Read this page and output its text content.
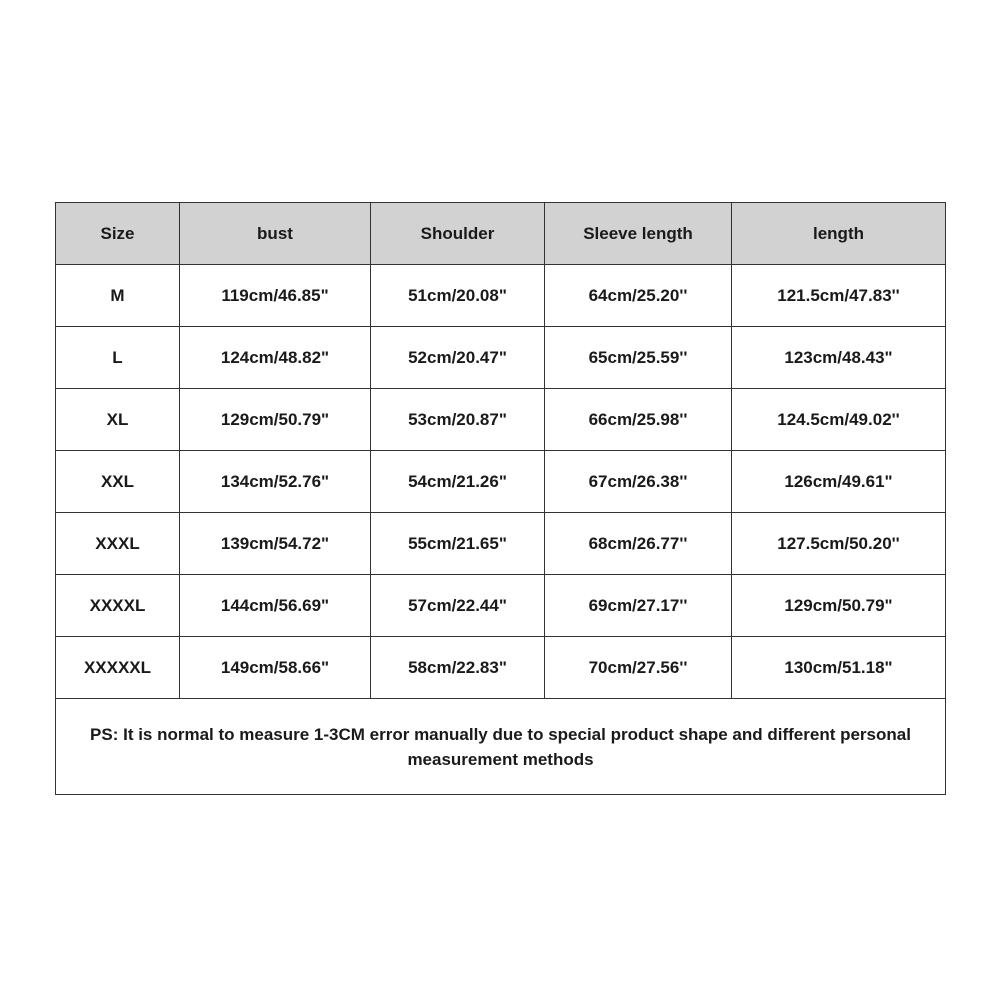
Size	bust	Shoulder	Sleeve length	length
M	119cm/46.85"	51cm/20.08"	64cm/25.20''	121.5cm/47.83''
L	124cm/48.82"	52cm/20.47"	65cm/25.59''	123cm/48.43"
XL	129cm/50.79"	53cm/20.87"	66cm/25.98''	124.5cm/49.02''
XXL	134cm/52.76"	54cm/21.26"	67cm/26.38''	126cm/49.61"
XXXL	139cm/54.72"	55cm/21.65"	68cm/26.77''	127.5cm/50.20''
XXXXL	144cm/56.69"	57cm/22.44"	69cm/27.17''	129cm/50.79"
XXXXXL	149cm/58.66"	58cm/22.83"	70cm/27.56''	130cm/51.18"
PS: It is normal to measure 1-3CM error manually due to special product shape and different personal measurement methods				
